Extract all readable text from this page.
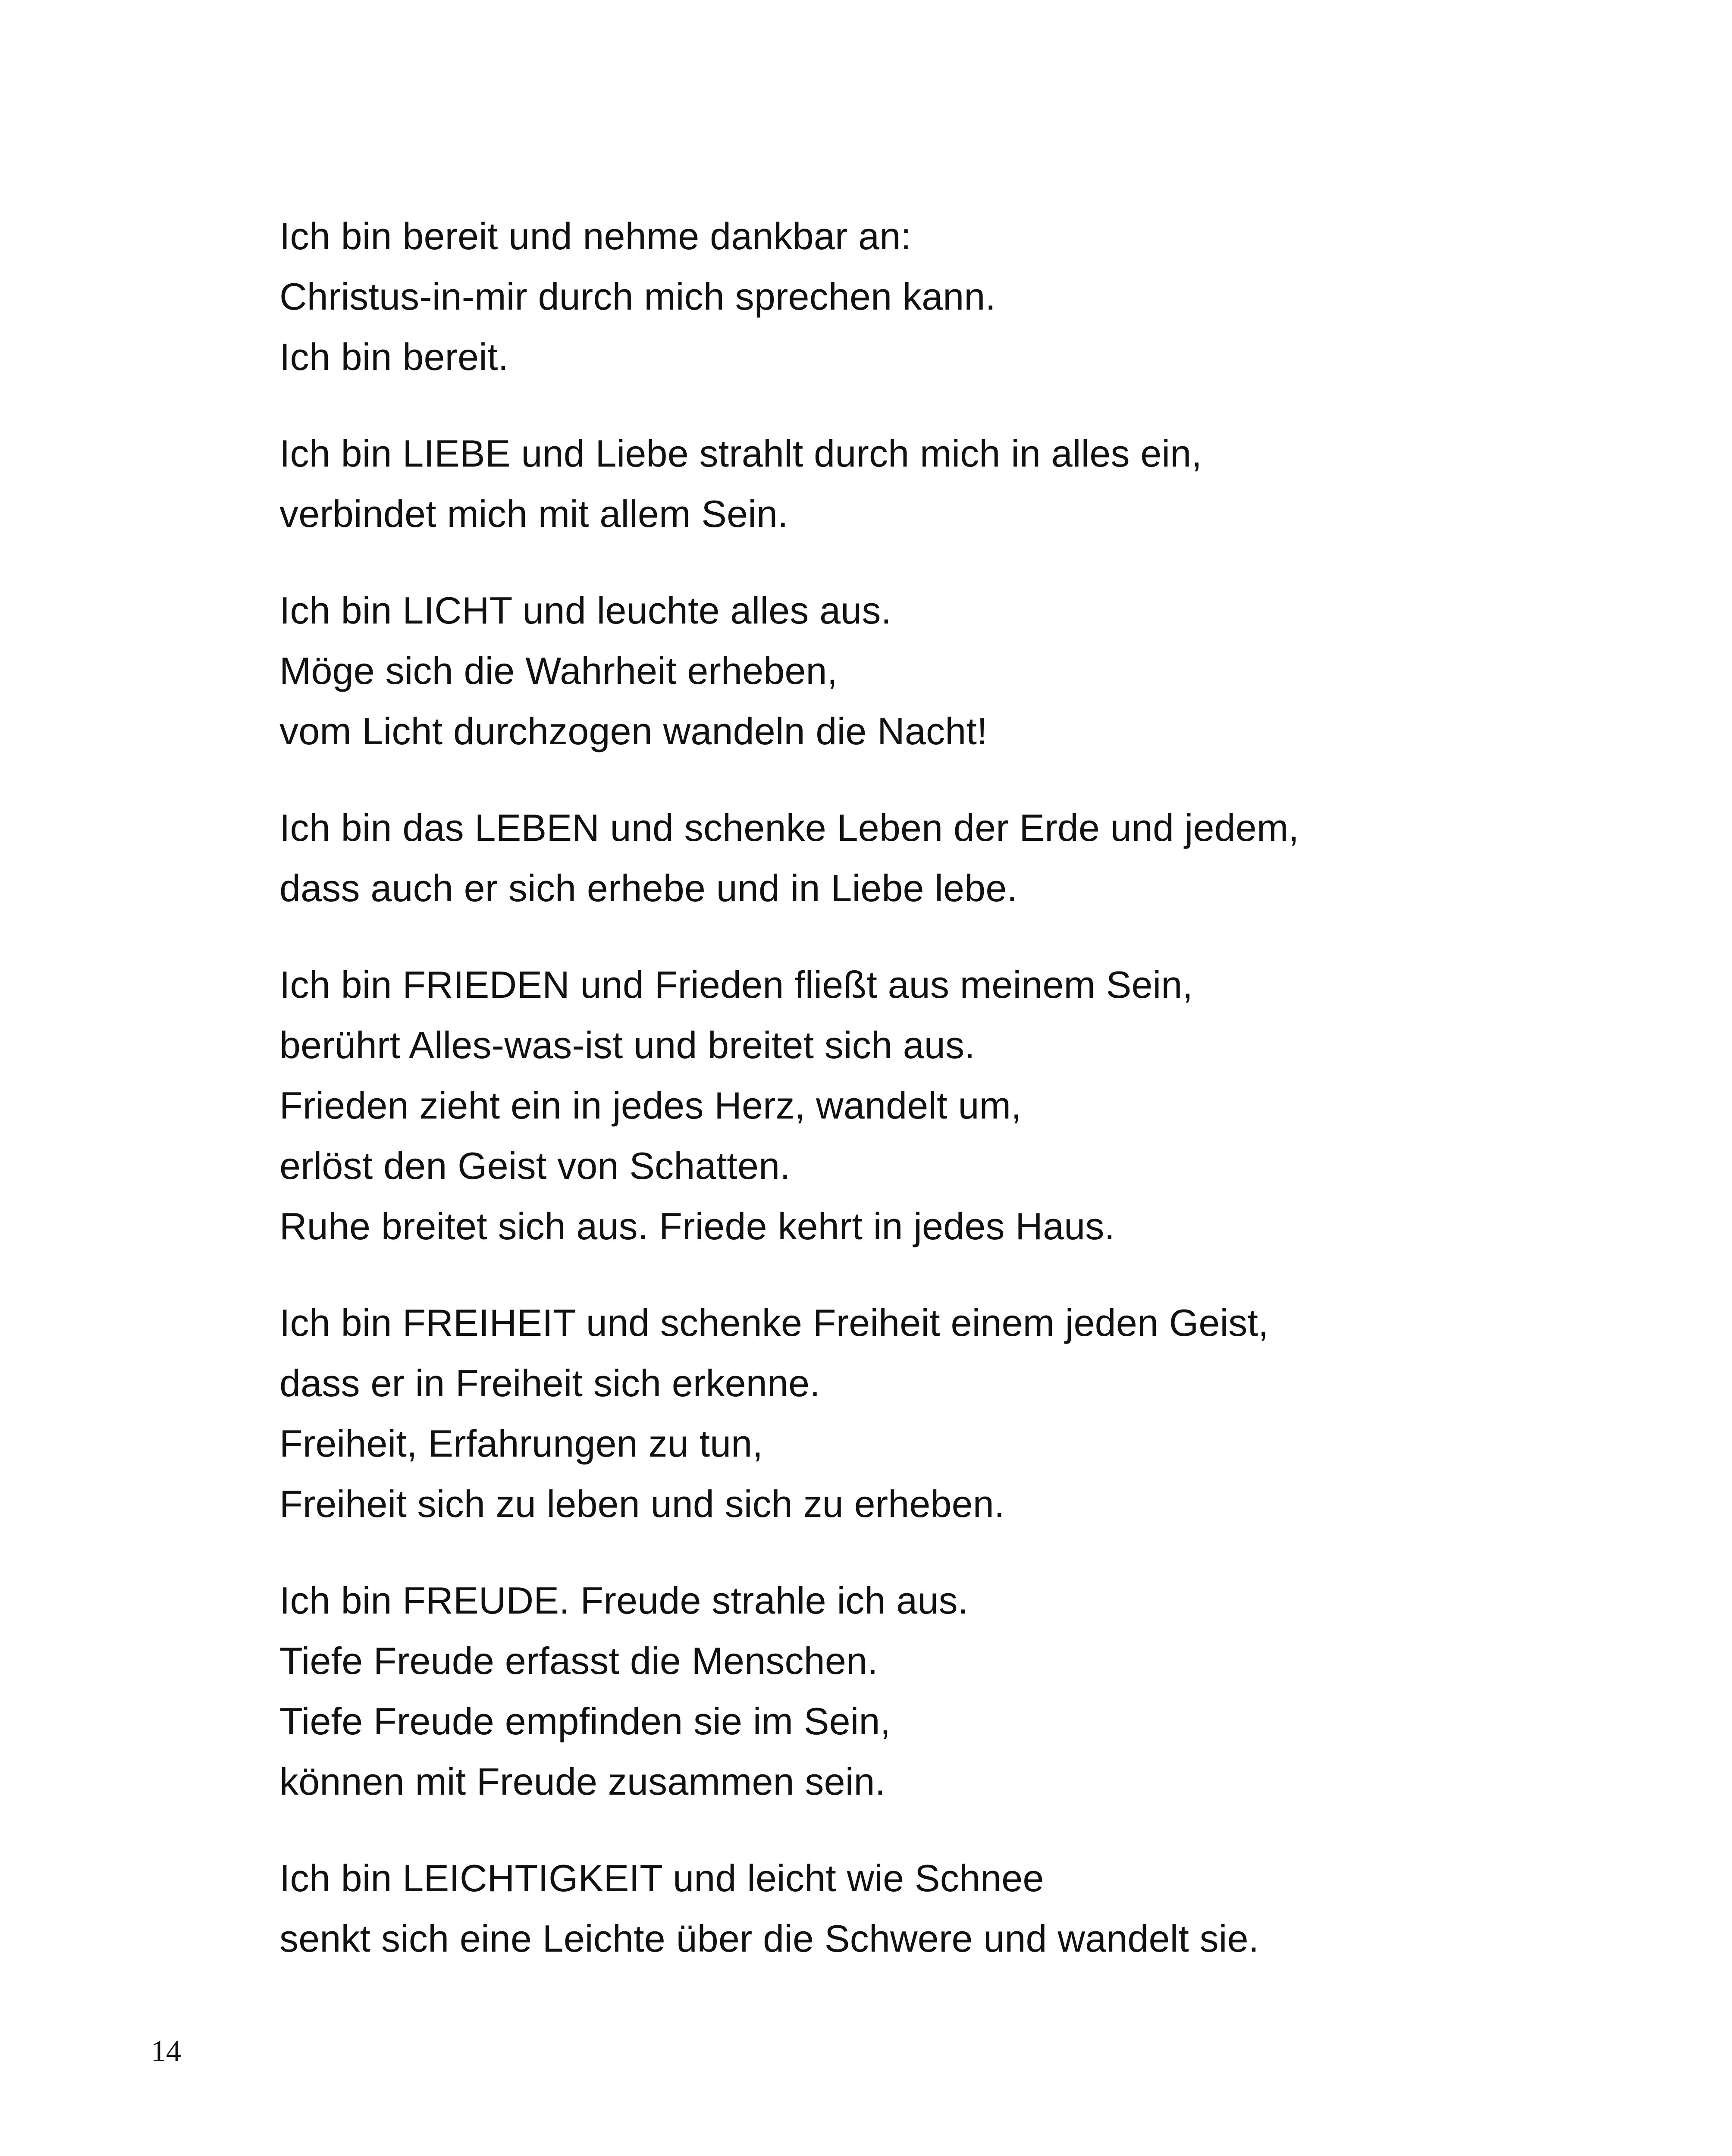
Ich bin bereit und nehme dankbar an:
Christus-in-mir durch mich sprechen kann.
Ich bin bereit.
Ich bin LIEBE und Liebe strahlt durch mich in alles ein,
verbindet mich mit allem Sein.
Ich bin LICHT und leuchte alles aus.
Möge sich die Wahrheit erheben,
vom Licht durchzogen wandeln die Nacht!
Ich bin das LEBEN und schenke Leben der Erde und jedem,
dass auch er sich erhebe und in Liebe lebe.
Ich bin FRIEDEN und Frieden fließt aus meinem Sein,
berührt Alles-was-ist und breitet sich aus.
Frieden zieht ein in jedes Herz, wandelt um,
erlöst den Geist von Schatten.
Ruhe breitet sich aus. Friede kehrt in jedes Haus.
Ich bin FREIHEIT und schenke Freiheit einem jeden Geist,
dass er in Freiheit sich erkenne.
Freiheit, Erfahrungen zu tun,
Freiheit sich zu leben und sich zu erheben.
Ich bin FREUDE. Freude strahle ich aus.
Tiefe Freude erfasst die Menschen.
Tiefe Freude empfinden sie im Sein,
können mit Freude zusammen sein.
Ich bin LEICHTIGKEIT und leicht wie Schnee
senkt sich eine Leichte über die Schwere und wandelt sie.
14
